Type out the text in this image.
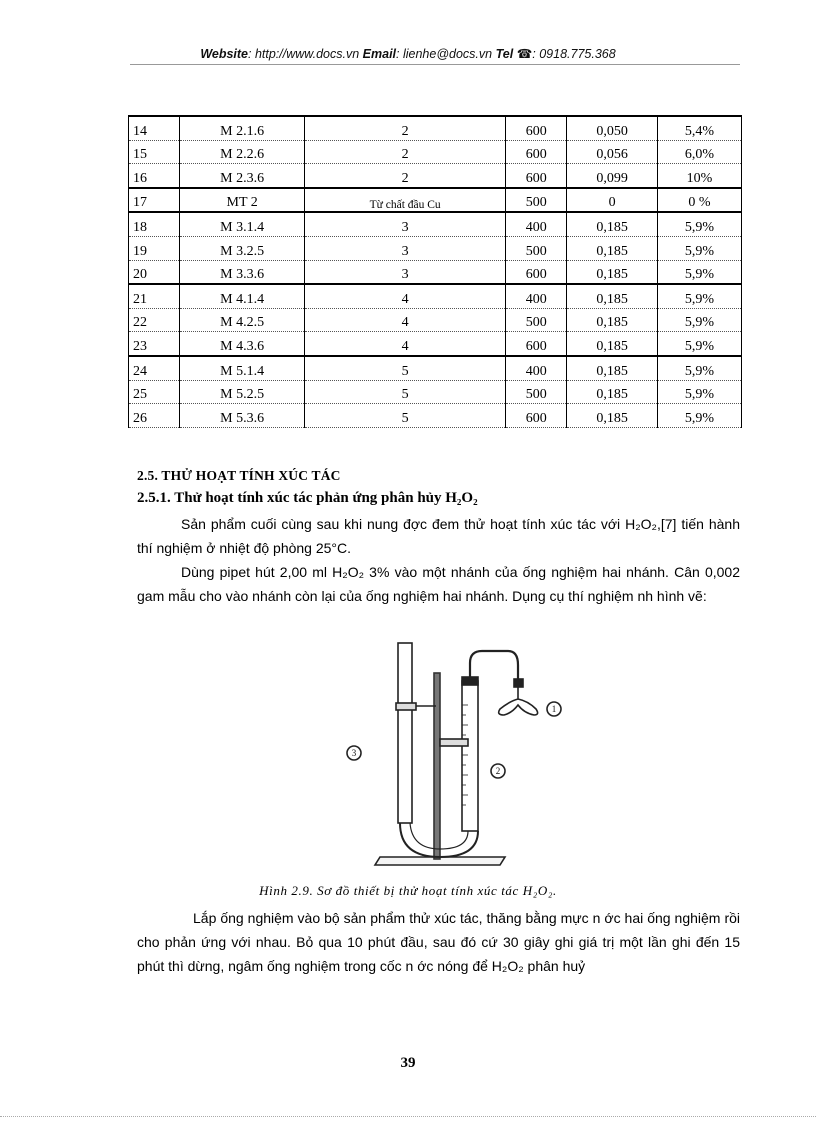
Website: http://www.docs.vn Email: lienhe@docs.vn Tel ☎: 0918.775.368
14	M 2.1.6	2	600	0,050	5,4%
15	M 2.2.6	2	600	0,056	6,0%
16	M 2.3.6	2	600	0,099	10%
17	MT 2	Từ chất đầu Cu	500	0	0 %
18	M 3.1.4	3	400	0,185	5,9%
19	M 3.2.5	3	500	0,185	5,9%
20	M 3.3.6	3	600	0,185	5,9%
21	M 4.1.4	4	400	0,185	5,9%
22	M 4.2.5	4	500	0,185	5,9%
23	M 4.3.6	4	600	0,185	5,9%
24	M 5.1.4	5	400	0,185	5,9%
25	M 5.2.5	5	500	0,185	5,9%
26	M 5.3.6	5	600	0,185	5,9%
2.5. THỬ HOẠT TÍNH XÚC TÁC
2.5.1. Thử hoạt tính xúc tác phản ứng phân hủy H₂O₂
Sản phẩm cuối cùng sau khi nung đợc đem thử hoạt tính xúc tác với H₂O₂,[7] tiến hành thí nghiệm ở nhiệt độ phòng 25°C.
Dùng pipet hút 2,00 ml H₂O₂ 3% vào một nhánh của ống nghiệm hai nhánh. Cân 0,002 gam mẫu cho vào nhánh còn lại của ống nghiệm hai nhánh. Dụng cụ thí nghiệm nh hình vẽ:
1
2
3
Hình 2.9. Sơ đồ thiết bị thử hoạt tính xúc tác H₂O₂.
Lắp ống nghiệm vào bộ sản phẩm thử xúc tác, thăng bằng mực n ớc hai ống nghiệm rồi cho phản ứng với nhau. Bỏ qua 10 phút đầu, sau đó cứ 30 giây ghi giá trị một lần ghi đến 15 phút thì dừng, ngâm ống nghiệm trong cốc n ớc nóng để H₂O₂ phân huỷ
39
